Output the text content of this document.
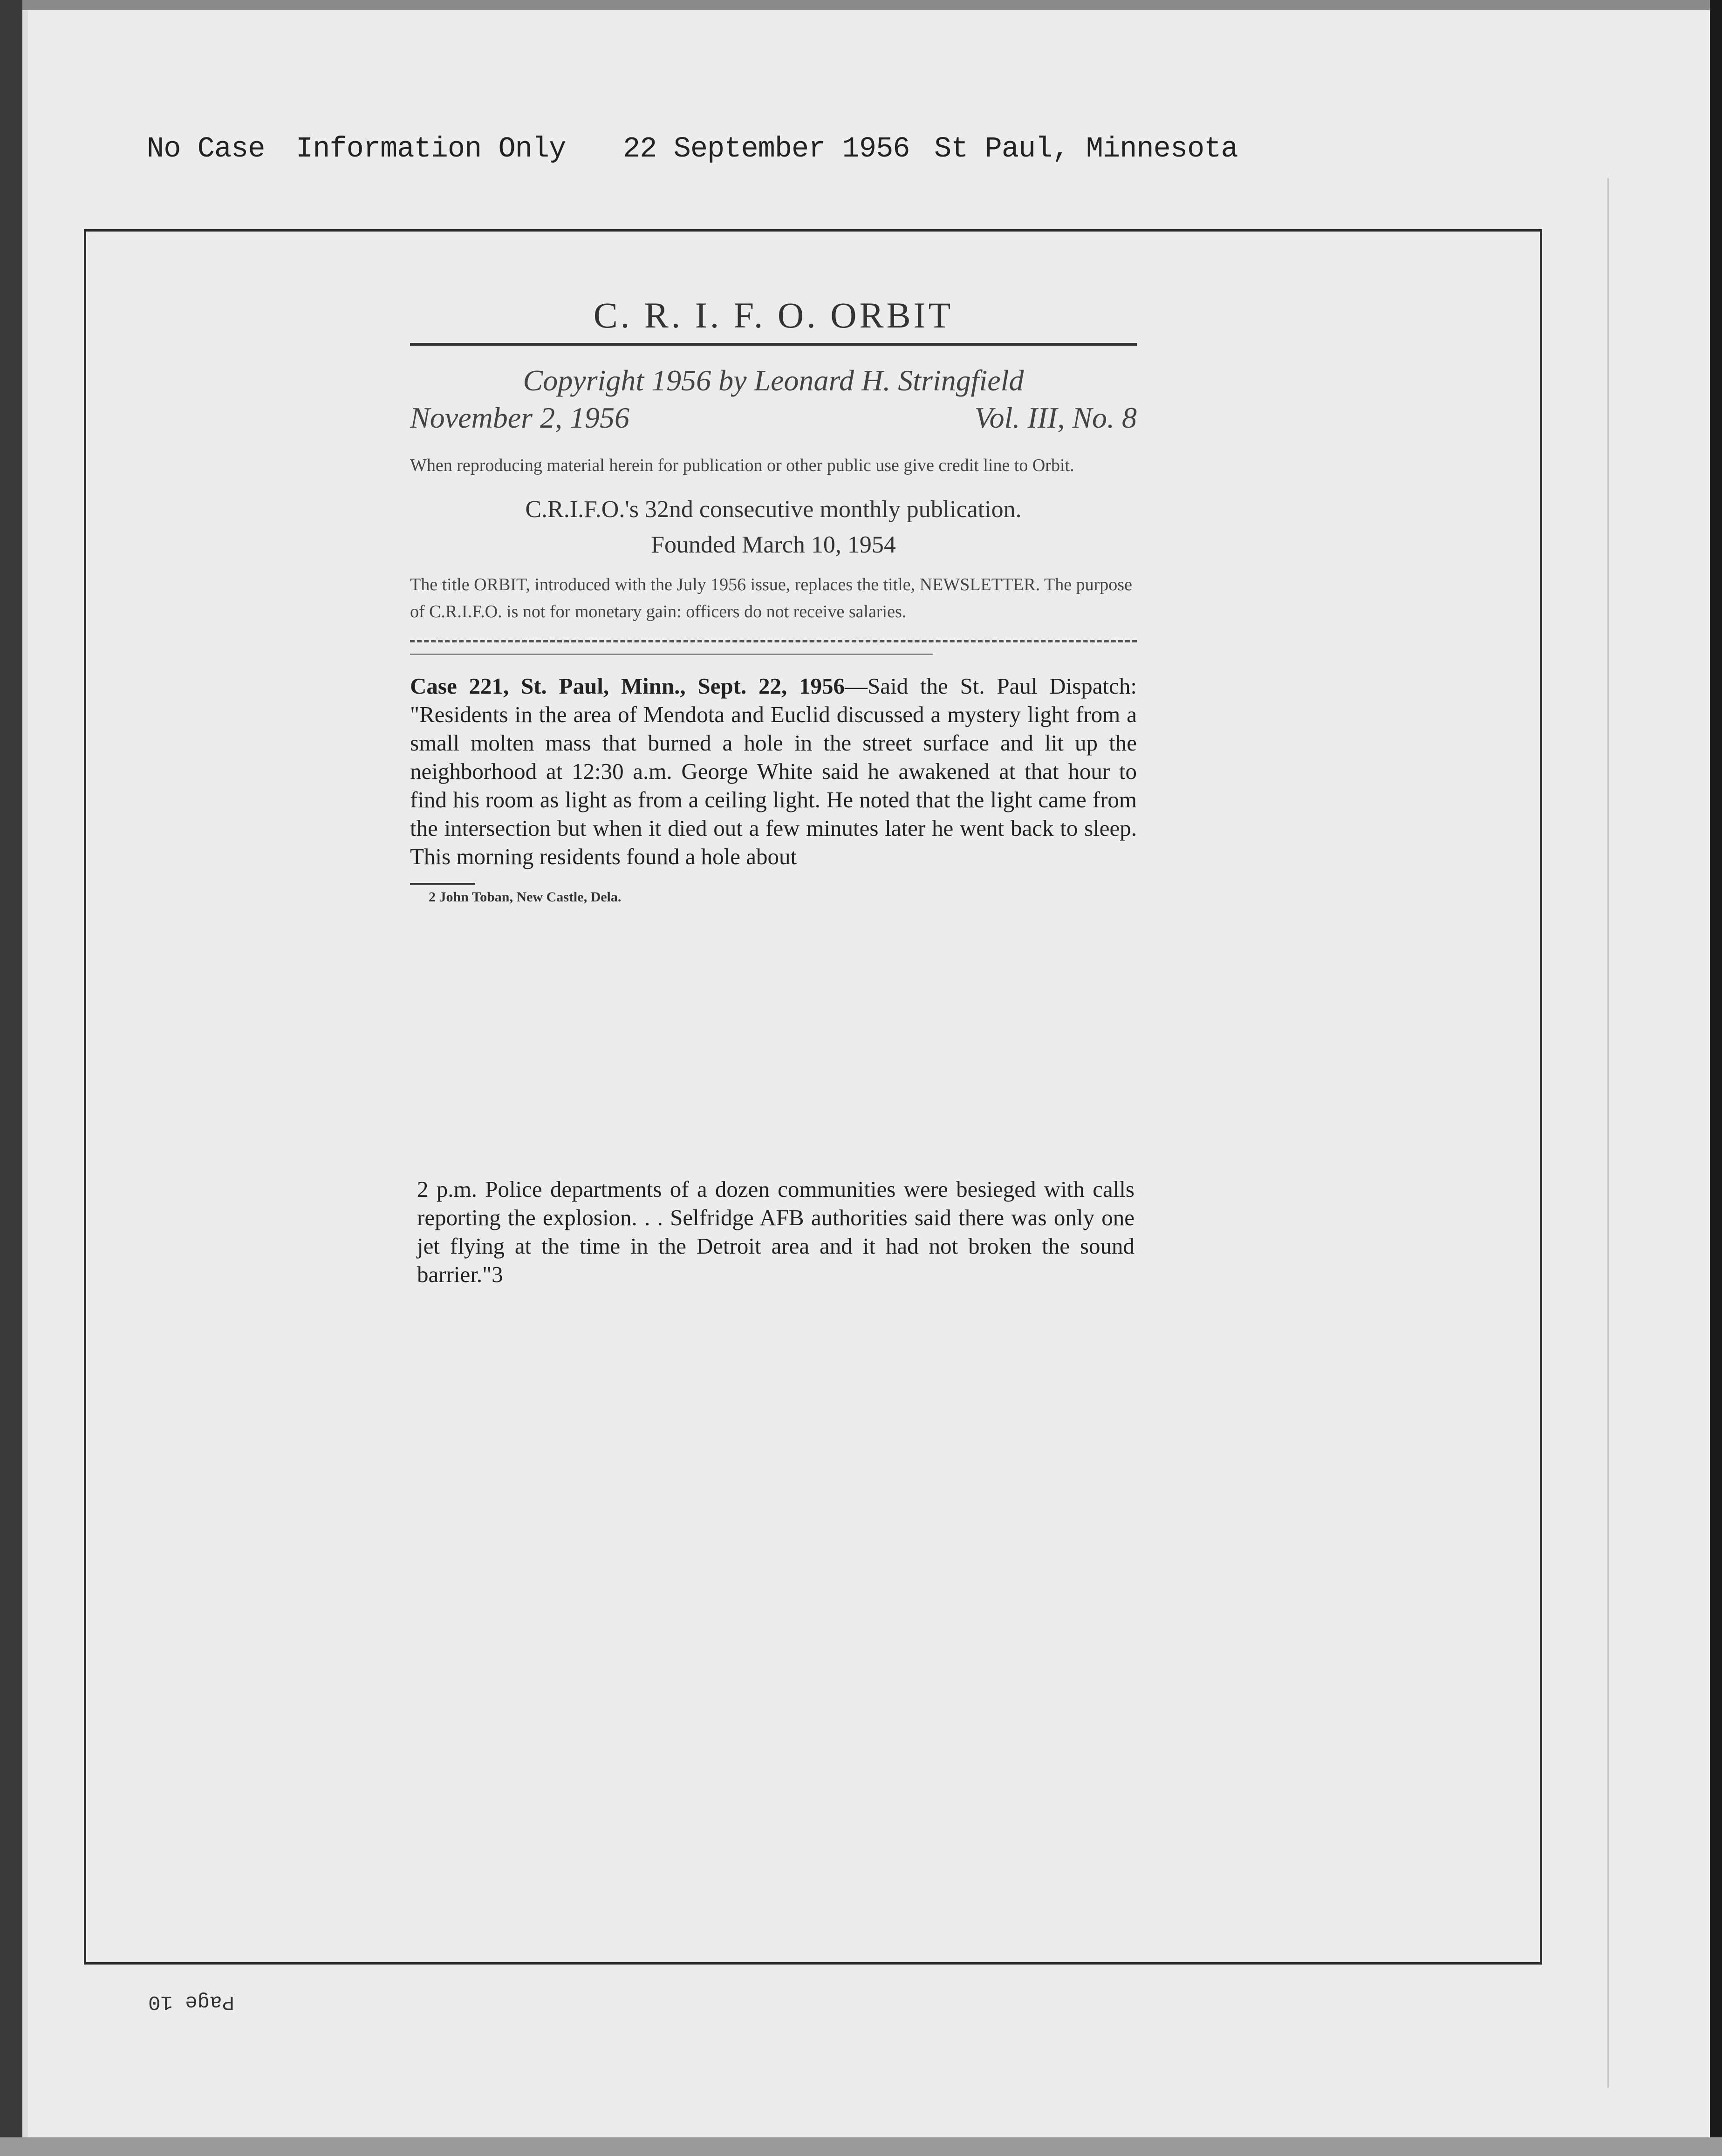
No Case Information Only 22 September 1956 St Paul, Minnesota
C. R. I. F. O. ORBIT
Copyright 1956 by Leonard H. Stringfield
November 2, 1956	Vol. III, No. 8
When reproducing material herein for publication or other public use give credit line to Orbit.
C.R.I.F.O.'s 32nd consecutive monthly publication.
Founded March 10, 1954
The title ORBIT, introduced with the July 1956 issue, replaces the title, NEWSLETTER. The purpose of C.R.I.F.O. is not for monetary gain: officers do not receive salaries.
Case 221, St. Paul, Minn., Sept. 22, 1956—Said the St. Paul Dispatch: "Residents in the area of Mendota and Euclid discussed a mystery light from a small molten mass that burned a hole in the street surface and lit up the neighborhood at 12:30 a.m. George White said he awakened at that hour to find his room as light as from a ceiling light. He noted that the light came from the intersection but when it died out a few minutes later he went back to sleep. This morning residents found a hole about
2 John Toban, New Castle, Dela.
2 p.m. Police departments of a dozen communities were besieged with calls reporting the explosion. . . Selfridge AFB authorities said there was only one jet flying at the time in the Detroit area and it had not broken the sound barrier."3
Page 10
